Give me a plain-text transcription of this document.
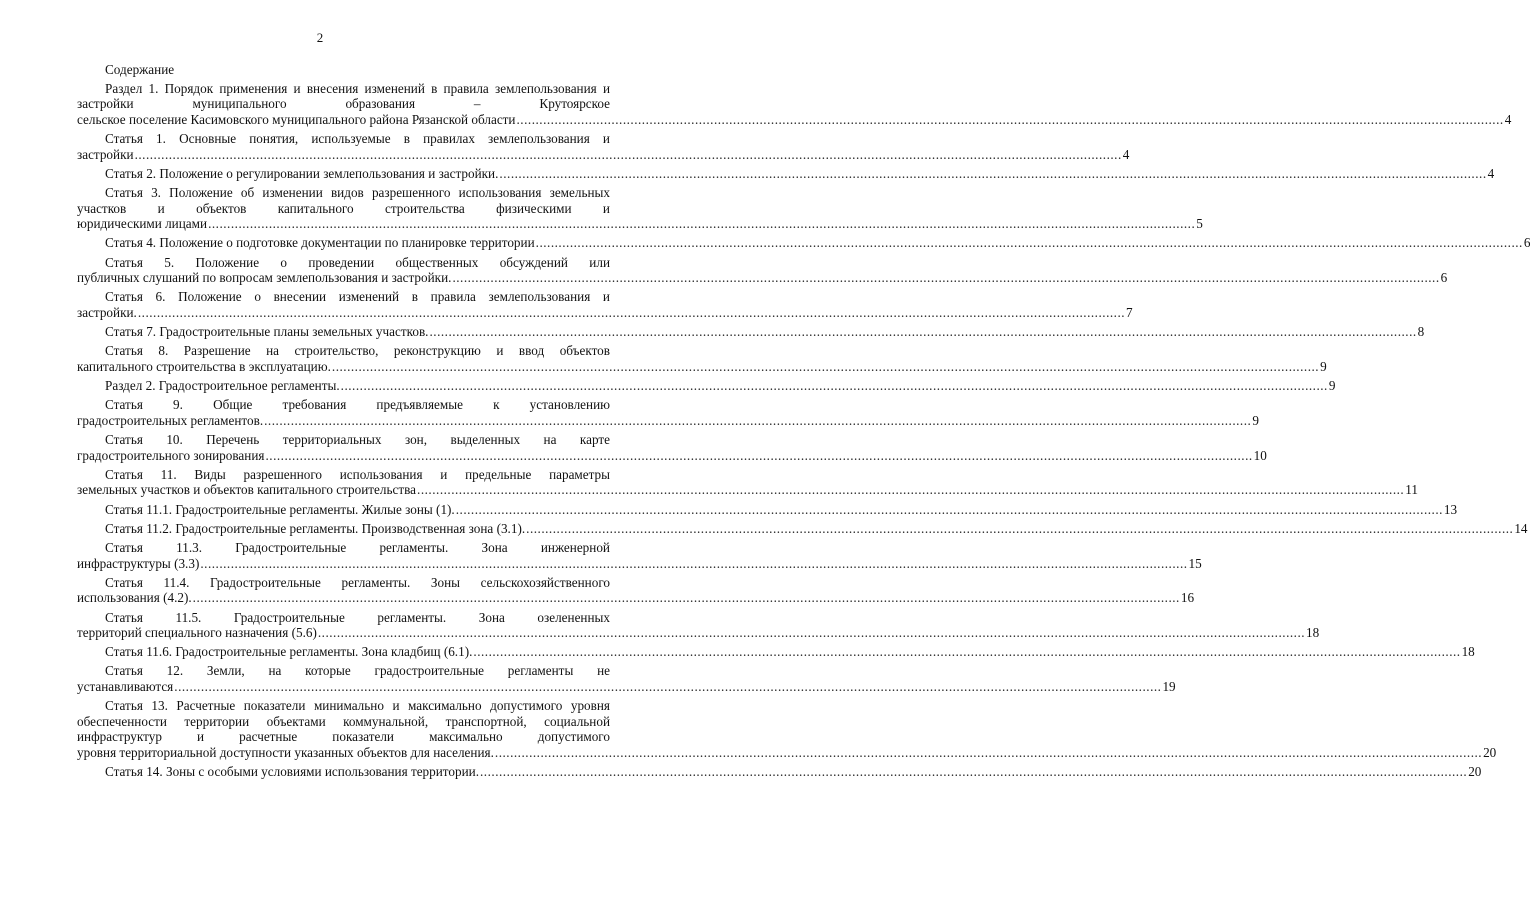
2
Содержание
Раздел 1. Порядок применения и внесения изменений в правила землепользования и застройки муниципального образования – Крутоярское
сельское поселение Касимовского муниципального района Рязанской области .................................................................................................................................................................................................................................................................... 4
Статья 1. Основные понятия, используемые в правилах землепользования и
застройки .................................................................................................................................................................................................................................................................... 4
Статья 2. Положение о регулировании землепользования и застройки. .................................................................................................................................................................................................................................................................... 4
Статья 3. Положение об изменении видов разрешенного использования земельных участков и объектов капитального строительства физическими и
юридическими лицами .................................................................................................................................................................................................................................................................... 5
Статья 4. Положение о подготовке документации по планировке территории .................................................................................................................................................................................................................................................................... 6
Статья 5. Положение о проведении общественных обсуждений или
публичных слушаний по вопросам землепользования и застройки. .................................................................................................................................................................................................................................................................... 6
Статья 6. Положение о внесении изменений в правила землепользования и
застройки. .................................................................................................................................................................................................................................................................... 7
Статья 7. Градостроительные планы земельных участков. .................................................................................................................................................................................................................................................................... 8
Статья 8. Разрешение на строительство, реконструкцию и ввод объектов
капитального строительства в эксплуатацию. .................................................................................................................................................................................................................................................................... 9
Раздел 2. Градостроительное регламенты. .................................................................................................................................................................................................................................................................... 9
Статья 9. Общие требования предъявляемые к установлению
градостроительных регламентов. .................................................................................................................................................................................................................................................................... 9
Статья 10. Перечень территориальных зон, выделенных на карте
градостроительного зонирования .................................................................................................................................................................................................................................................................... 10
Статья 11. Виды разрешенного использования и предельные параметры
земельных участков и объектов капитального строительства .................................................................................................................................................................................................................................................................... 11
Статья 11.1. Градостроительные регламенты. Жилые зоны (1). .................................................................................................................................................................................................................................................................... 13
Статья 11.2. Градостроительные регламенты. Производственная зона (3.1). .................................................................................................................................................................................................................................................................... 14
Статья 11.3. Градостроительные регламенты. Зона инженерной
инфраструктуры (3.3) .................................................................................................................................................................................................................................................................... 15
Статья 11.4. Градостроительные регламенты. Зоны сельскохозяйственного
использования (4.2). .................................................................................................................................................................................................................................................................... 16
Статья 11.5. Градостроительные регламенты. Зона озелененных
территорий специального назначения (5.6) .................................................................................................................................................................................................................................................................... 18
Статья 11.6. Градостроительные регламенты. Зона кладбищ (6.1). .................................................................................................................................................................................................................................................................... 18
Статья 12. Земли, на которые градостроительные регламенты не
устанавливаются .................................................................................................................................................................................................................................................................... 19
Статья 13. Расчетные показатели минимально и максимально допустимого уровня обеспеченности территории объектами коммунальной, транспортной, социальной инфраструктур и расчетные показатели максимально допустимого
уровня территориальной доступности указанных объектов для населения. .................................................................................................................................................................................................................................................................... 20
Статья 14. Зоны с особыми условиями использования территории. .................................................................................................................................................................................................................................................................... 20
